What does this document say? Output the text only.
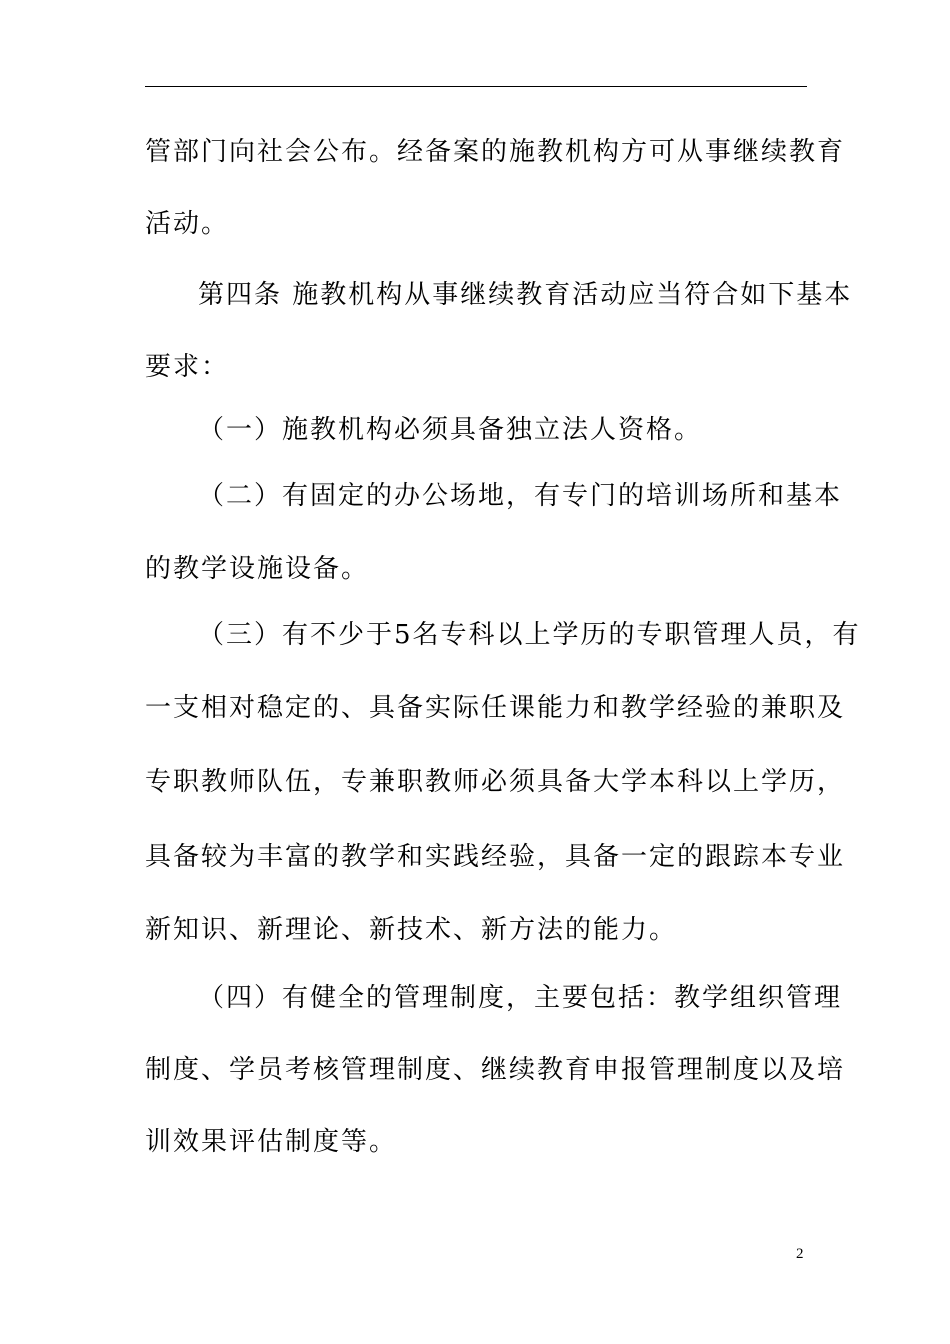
管部门向社会公布。经备案的施教机构方可从事继续教育
活动。
第四条 施教机构从事继续教育活动应当符合如下基本
要求：
（一）施教机构必须具备独立法人资格。
（二）有固定的办公场地，有专门的培训场所和基本
的教学设施设备。
（三）有不少于5名专科以上学历的专职管理人员，有
一支相对稳定的、具备实际任课能力和教学经验的兼职及
专职教师队伍，专兼职教师必须具备大学本科以上学历，
具备较为丰富的教学和实践经验，具备一定的跟踪本专业
新知识、新理论、新技术、新方法的能力。
（四）有健全的管理制度，主要包括：教学组织管理
制度、学员考核管理制度、继续教育申报管理制度以及培
训效果评估制度等。
2
